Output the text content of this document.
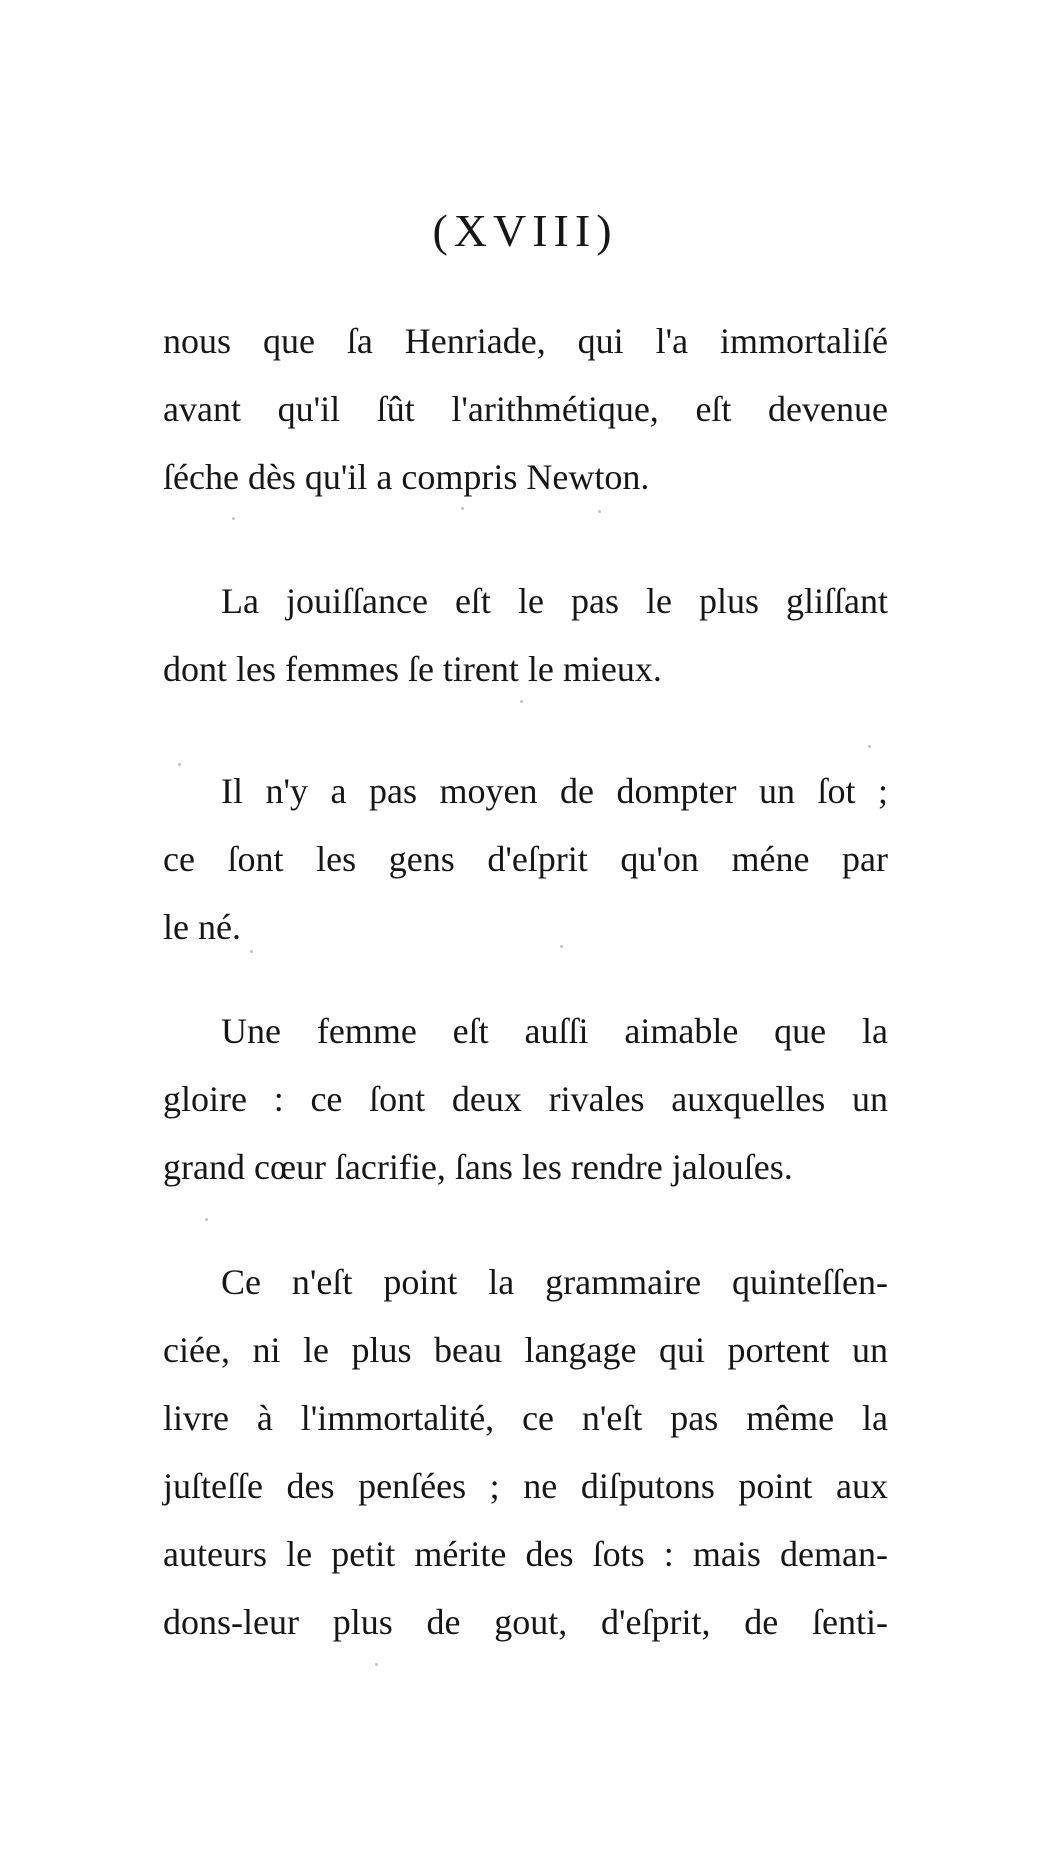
(XVIII)
nous que ſa Henriade, qui l'a immortaliſé
avant qu'il ſût l'arithmétique, eſt devenue
ſéche dès qu'il a compris Newton.
La jouiſſance eſt le pas le plus gliſſant
dont les femmes ſe tirent le mieux.
Il n'y a pas moyen de dompter un ſot ;
ce ſont les gens d'eſprit qu'on méne par
le né.
Une femme eſt auſſi aimable que la
gloire : ce ſont deux rivales auxquelles un
grand cœur ſacrifie, ſans les rendre jalouſes.
Ce n'eſt point la grammaire quinteſſen-
ciée, ni le plus beau langage qui portent un
livre à l'immortalité, ce n'eſt pas même la
juſteſſe des penſées ; ne diſputons point aux
auteurs le petit mérite des ſots : mais deman-
dons-leur plus de gout, d'eſprit, de ſenti-
